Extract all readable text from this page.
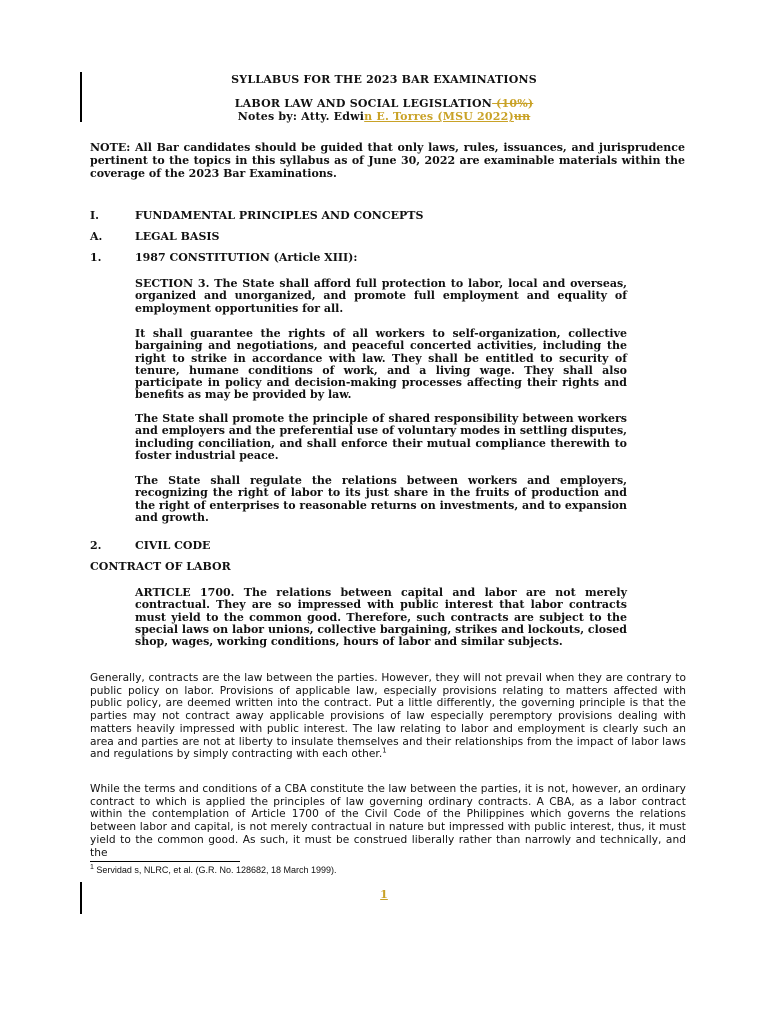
SYLLABUS FOR THE 2023 BAR EXAMINATIONS
LABOR LAW AND SOCIAL LEGISLATION (10%)
Notes by: Atty. Edwin E. Torres (MSU 2022)un
NOTE: All Bar candidates should be guided that only laws, rules, issuances, and jurisprudence pertinent to the topics in this syllabus as of June 30, 2022 are examinable materials within the coverage of the 2023 Bar Examinations.
I.	FUNDAMENTAL PRINCIPLES AND CONCEPTS
A.	LEGAL BASIS
1.	1987 CONSTITUTION (Article XIII):
SECTION 3. The State shall afford full protection to labor, local and overseas, organized and unorganized, and promote full employment and equality of employment opportunities for all.
It shall guarantee the rights of all workers to self-organization, collective bargaining and negotiations, and peaceful concerted activities, including the right to strike in accordance with law. They shall be entitled to security of tenure, humane conditions of work, and a living wage. They shall also participate in policy and decision-making processes affecting their rights and benefits as may be provided by law.
The State shall promote the principle of shared responsibility between workers and employers and the preferential use of voluntary modes in settling disputes, including conciliation, and shall enforce their mutual compliance therewith to foster industrial peace.
The State shall regulate the relations between workers and employers, recognizing the right of labor to its just share in the fruits of production and the right of enterprises to reasonable returns on investments, and to expansion and growth.
2.	CIVIL CODE
CONTRACT OF LABOR
ARTICLE 1700. The relations between capital and labor are not merely contractual. They are so impressed with public interest that labor contracts must yield to the common good. Therefore, such contracts are subject to the special laws on labor unions, collective bargaining, strikes and lockouts, closed shop, wages, working conditions, hours of labor and similar subjects.
Generally, contracts are the law between the parties. However, they will not prevail when they are contrary to public policy on labor. Provisions of applicable law, especially provisions relating to matters affected with public policy, are deemed written into the contract. Put a little differently, the governing principle is that the parties may not contract away applicable provisions of law especially peremptory provisions dealing with matters heavily impressed with public interest. The law relating to labor and employment is clearly such an area and parties are not at liberty to insulate themselves and their relationships from the impact of labor laws and regulations by simply contracting with each other.$^1$
While the terms and conditions of a CBA constitute the law between the parties, it is not, however, an ordinary contract to which is applied the principles of law governing ordinary contracts. A CBA, as a labor contract within the contemplation of Article 1700 of the Civil Code of the Philippines which governs the relations between labor and capital, is not merely contractual in nature but impressed with public interest, thus, it must yield to the common good. As such, it must be construed liberally rather than narrowly and technically, and the
$^1$ Servidad s, NLRC, et al. (G.R. No. 128682, 18 March 1999).
1
